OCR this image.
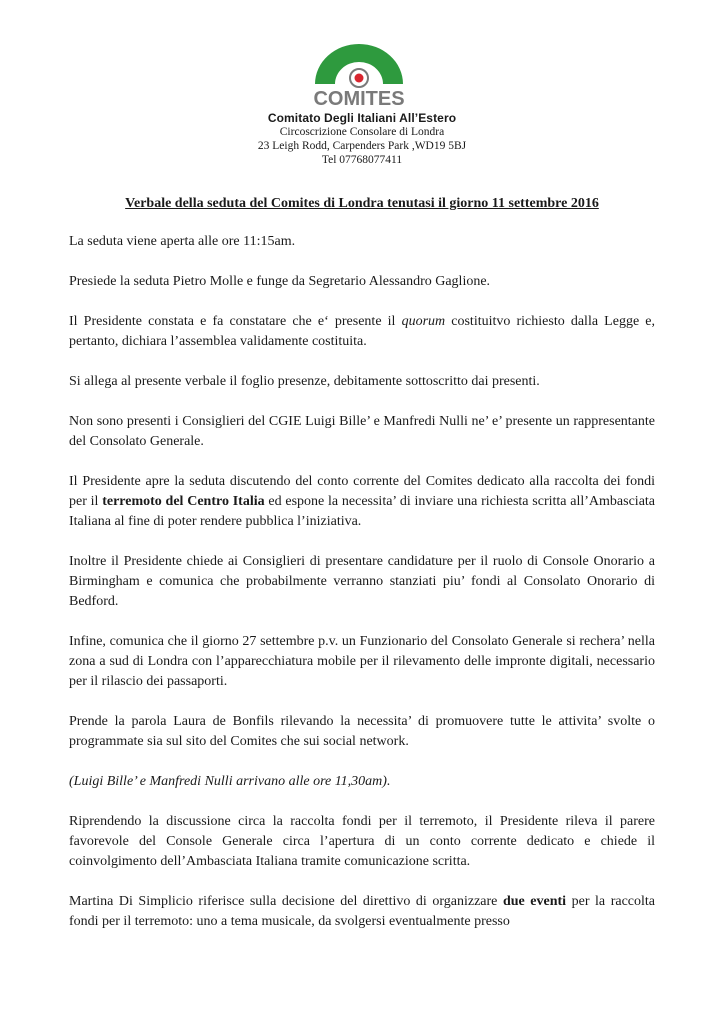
COMITES
Comitato Degli Italiani All’Estero
Circoscrizione Consolare di Londra
23 Leigh Rodd, Carpenders Park ,WD19 5BJ
Tel 07768077411
Verbale della seduta del Comites di Londra tenutasi il giorno 11 settembre 2016

La seduta viene aperta alle ore 11:15am.

Presiede la seduta Pietro Molle e funge da Segretario Alessandro Gaglione.

Il Presidente constata e fa constatare che e‘ presente il quorum costituitvo richiesto dalla Legge e, pertanto, dichiara l’assemblea validamente costituita.

Si allega al presente verbale il foglio presenze, debitamente sottoscritto dai presenti.

Non sono presenti i Consiglieri del CGIE Luigi Bille’ e Manfredi Nulli ne’ e’ presente un rappresentante del Consolato Generale.

Il Presidente apre la seduta discutendo del conto corrente del Comites dedicato alla raccolta dei fondi per il terremoto del Centro Italia ed espone la necessita’ di inviare una richiesta scritta all’Ambasciata Italiana al fine di poter rendere pubblica l’iniziativa.

Inoltre il Presidente chiede ai Consiglieri di presentare candidature per il ruolo di Console Onorario a Birmingham e comunica che probabilmente verranno stanziati piu’ fondi al Consolato Onorario di Bedford.

Infine, comunica che il giorno 27 settembre p.v. un Funzionario del Consolato Generale si rechera’ nella zona a sud di Londra con l’apparecchiatura mobile per il rilevamento delle impronte digitali, necessario per il rilascio dei passaporti.

Prende la parola Laura de Bonfils rilevando la necessita’ di promuovere tutte le attivita’ svolte o programmate sia sul sito del Comites che sui social network.

(Luigi Bille’ e Manfredi Nulli arrivano alle ore 11,30am).

Riprendendo la discussione circa la raccolta fondi per il terremoto, il Presidente rileva il parere favorevole del Console Generale circa l’apertura di un conto corrente dedicato e chiede il coinvolgimento dell’Ambasciata Italiana tramite comunicazione scritta.

Martina Di Simplicio riferisce sulla decisione del direttivo di organizzare due eventi per la raccolta fondi per il terremoto: uno a tema musicale, da svolgersi eventualmente presso
